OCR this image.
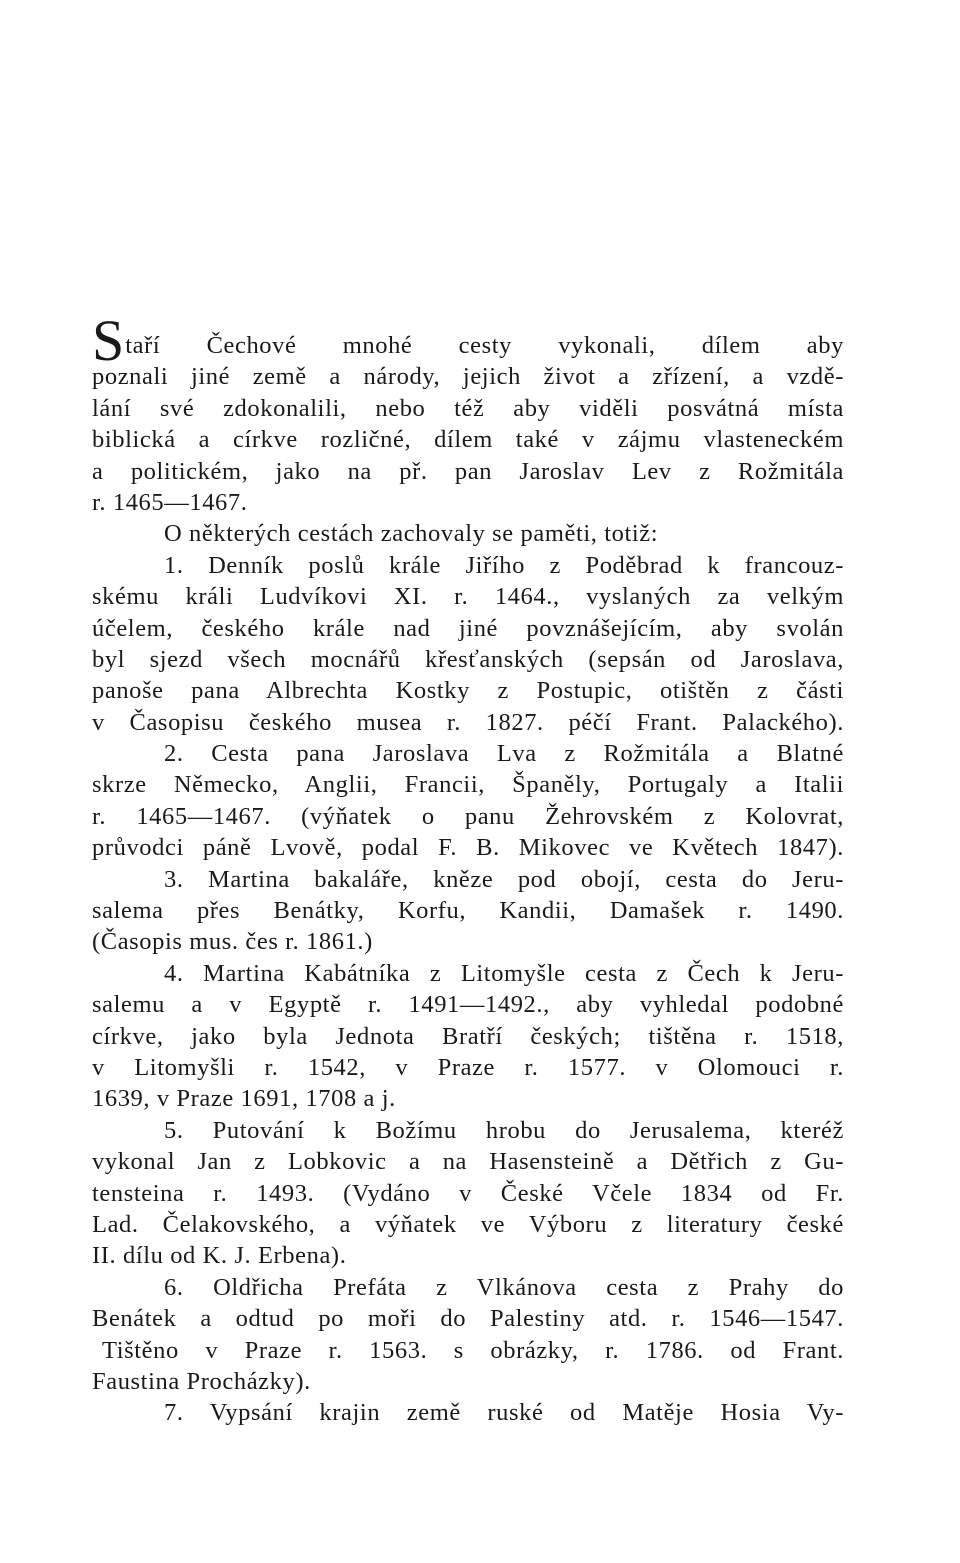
S taří Čechové mnohé cesty vykonali, dílem aby
poznali jiné země a národy, jejich život a zřízení, a vzdě-
lání své zdokonalili, nebo též aby viděli posvátná místa
biblická a církve rozličné, dílem také v zájmu vlasteneckém
a politickém, jako na př. pan Jaroslav Lev z Rožmitála
r. 1465—1467.
O některých cestách zachovaly se paměti, totiž:
1. Denník poslů krále Jiřího z Poděbrad k francouz-
skému králi Ludvíkovi XI. r. 1464., vyslaných za velkým
účelem, českého krále nad jiné povznášejícím, aby svolán
byl sjezd všech mocnářů křesťanských (sepsán od Jaroslava,
panoše pana Albrechta Kostky z Postupic, otištěn z části
v Časopisu českého musea r. 1827. péčí Frant. Palackého).
2. Cesta pana Jaroslava Lva z Rožmitála a Blatné
skrze Německo, Anglii, Francii, Španěly, Portugaly a Italii
r. 1465—1467. (výňatek o panu Žehrovském z Kolovrat,
průvodci páně Lvově, podal F. B. Mikovec ve Květech 1847).
3. Martina bakaláře, kněze pod obojí, cesta do Jeru-
salema přes Benátky, Korfu, Kandii, Damašek r. 1490.
(Časopis mus. čes r. 1861.)
4. Martina Kabátníka z Litomyšle cesta z Čech k Jeru-
salemu a v Egyptě r. 1491—1492., aby vyhledal podobné
církve, jako byla Jednota Bratří českých; tištěna r. 1518,
v Litomyšli r. 1542, v Praze r. 1577. v Olomouci r.
1639, v Praze 1691, 1708 a j.
5. Putování k Božímu hrobu do Jerusalema, kteréž
vykonal Jan z Lobkovic a na Hasensteině a Dětřich z Gu-
tensteina r. 1493. (Vydáno v České Včele 1834 od Fr.
Lad. Čelakovského, a výňatek ve Výboru z literatury české
II. dílu od K. J. Erbena).
6. Oldřicha Prefáta z Vlkánova cesta z Prahy do
Benátek a odtud po moři do Palestiny atd. r. 1546—1547.
Tištěno v Praze r. 1563. s obrázky, r. 1786. od Frant.
Faustina Procházky).
7. Vypsání krajin země ruské od Matěje Hosia Vy-
